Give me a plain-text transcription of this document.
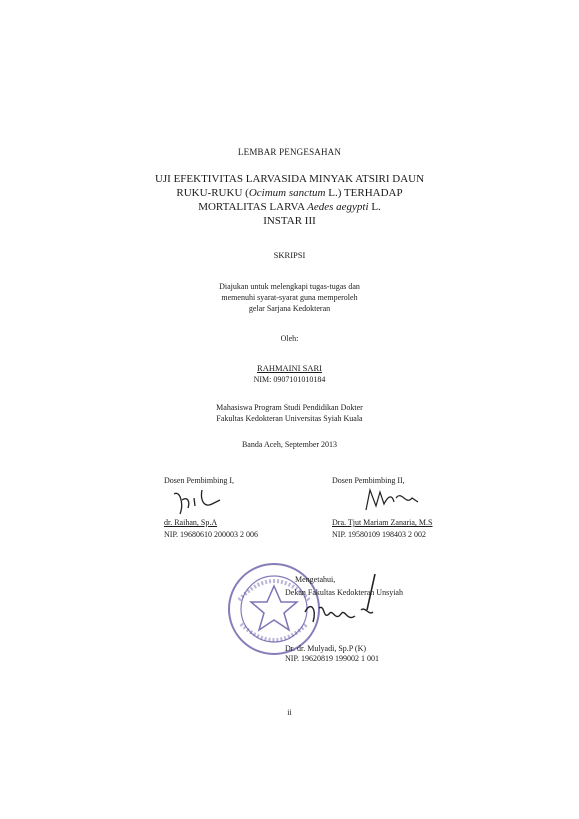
LEMBAR PENGESAHAN
UJI EFEKTIVITAS LARVASIDA MINYAK ATSIRI DAUN
RUKU-RUKU (Ocimum sanctum L.) TERHADAP
MORTALITAS LARVA Aedes aegypti L.
INSTAR III
SKRIPSI
Diajukan untuk melengkapi tugas-tugas dan
memenuhi syarat-syarat guna memperoleh
gelar Sarjana Kedokteran
Oleh:
RAHMAINI SARI
NIM: 0907101010184
Mahasiswa Program Studi Pendidikan Dokter
Fakultas Kedokteran Universitas Syiah Kuala
Banda Aceh, September 2013
Dosen Pembimbing I,
dr. Raihan, Sp.A
NIP. 19680610 200003 2 006
Dosen Pembimbing II,
Dra. Tjut Mariam Zanaria, M.S
NIP. 19580109 198403 2 002
Mengetahui,
Dekan Fakultas Kedokteran Unsyiah
Dr. dr. Mulyadi, Sp.P (K)
NIP. 19620819 199002 1 001
ii
